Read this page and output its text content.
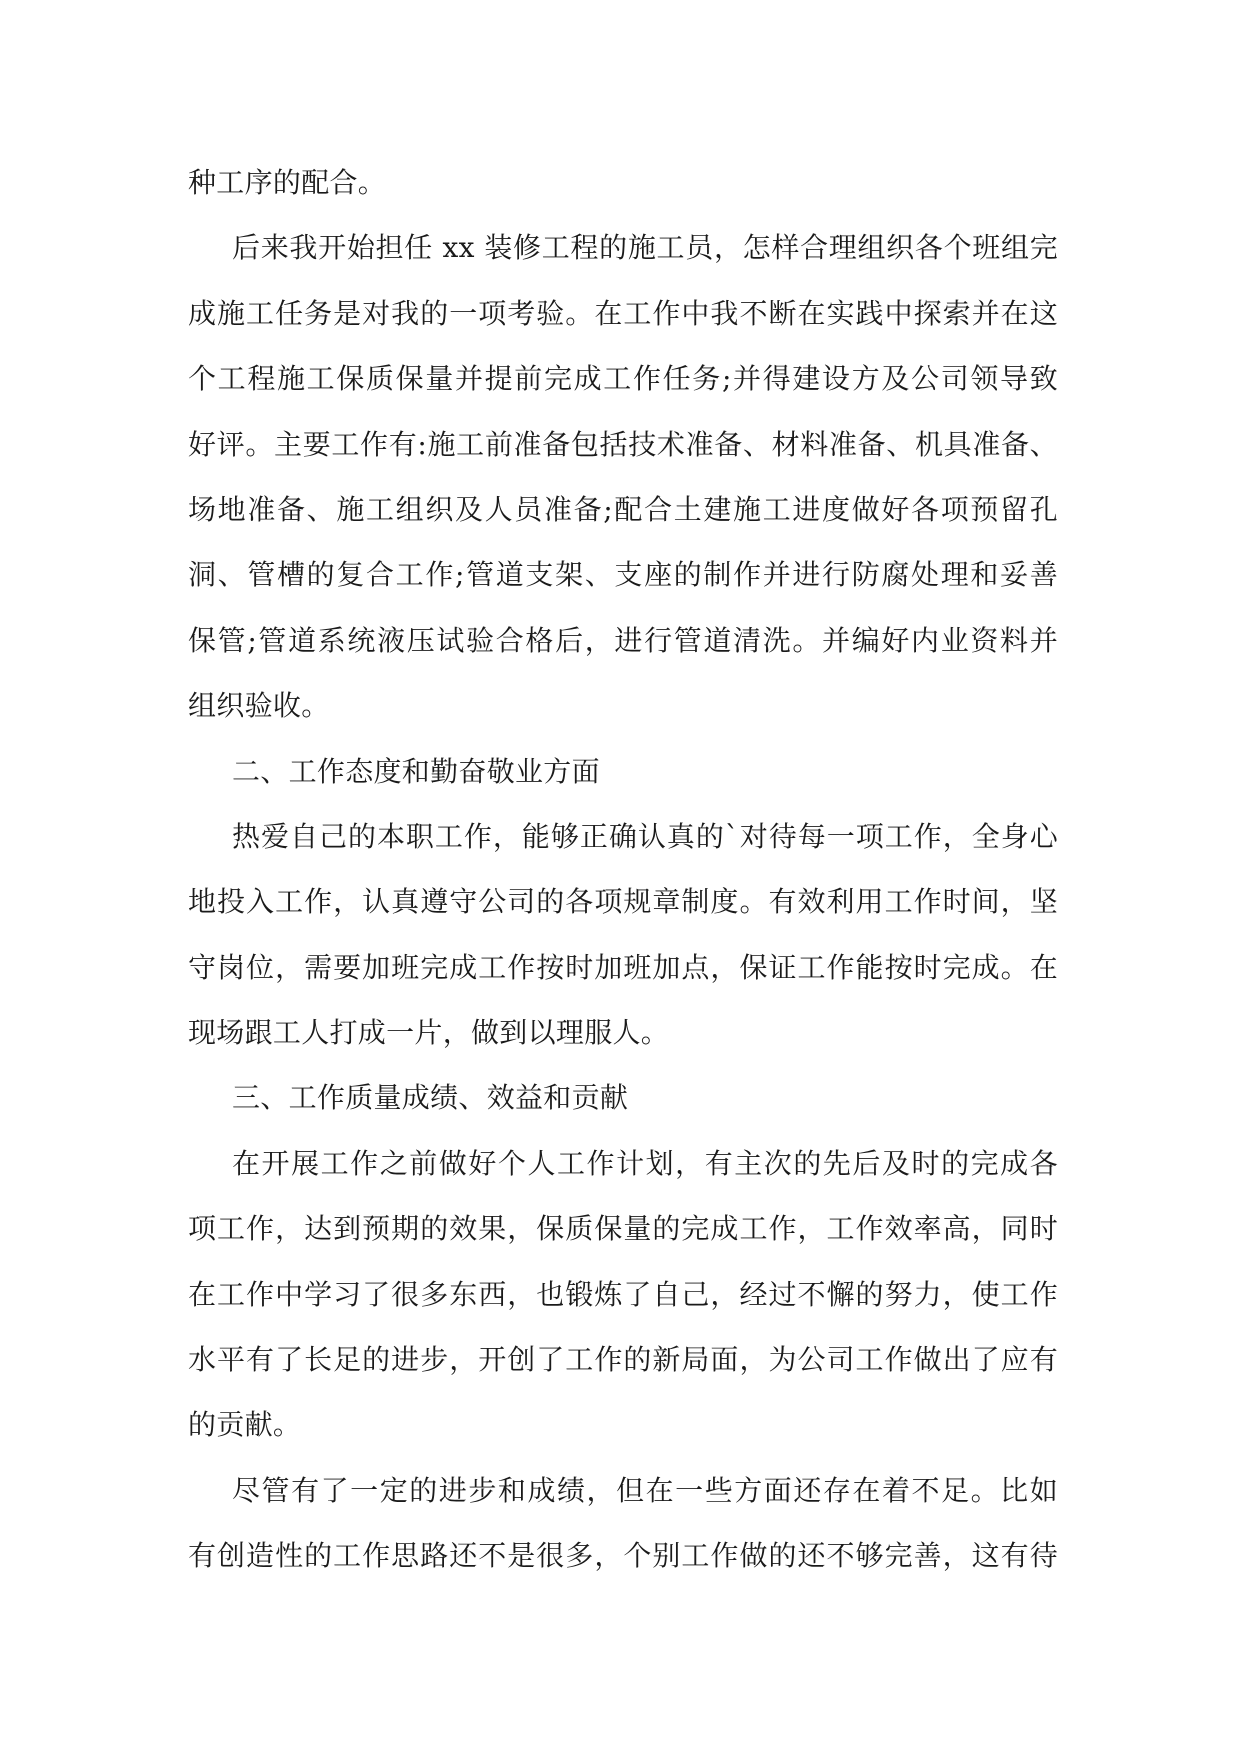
种工序的配合。
后来我开始担任 xx 装修工程的施工员，怎样合理组织各个班组完
成施工任务是对我的一项考验。在工作中我不断在实践中探索并在这
个工程施工保质保量并提前完成工作任务;并得建设方及公司领导致
好评。主要工作有:施工前准备包括技术准备、材料准备、机具准备、
场地准备、施工组织及人员准备;配合土建施工进度做好各项预留孔
洞、管槽的复合工作;管道支架、支座的制作并进行防腐处理和妥善
保管;管道系统液压试验合格后，进行管道清洗。并编好内业资料并
组织验收。
二、工作态度和勤奋敬业方面
热爱自己的本职工作，能够正确认真的`对待每一项工作，全身心
地投入工作，认真遵守公司的各项规章制度。有效利用工作时间，坚
守岗位，需要加班完成工作按时加班加点，保证工作能按时完成。在
现场跟工人打成一片，做到以理服人。
三、工作质量成绩、效益和贡献
在开展工作之前做好个人工作计划，有主次的先后及时的完成各
项工作，达到预期的效果，保质保量的完成工作，工作效率高，同时
在工作中学习了很多东西，也锻炼了自己，经过不懈的努力，使工作
水平有了长足的进步，开创了工作的新局面，为公司工作做出了应有
的贡献。
尽管有了一定的进步和成绩，但在一些方面还存在着不足。比如
有创造性的工作思路还不是很多，个别工作做的还不够完善，这有待
